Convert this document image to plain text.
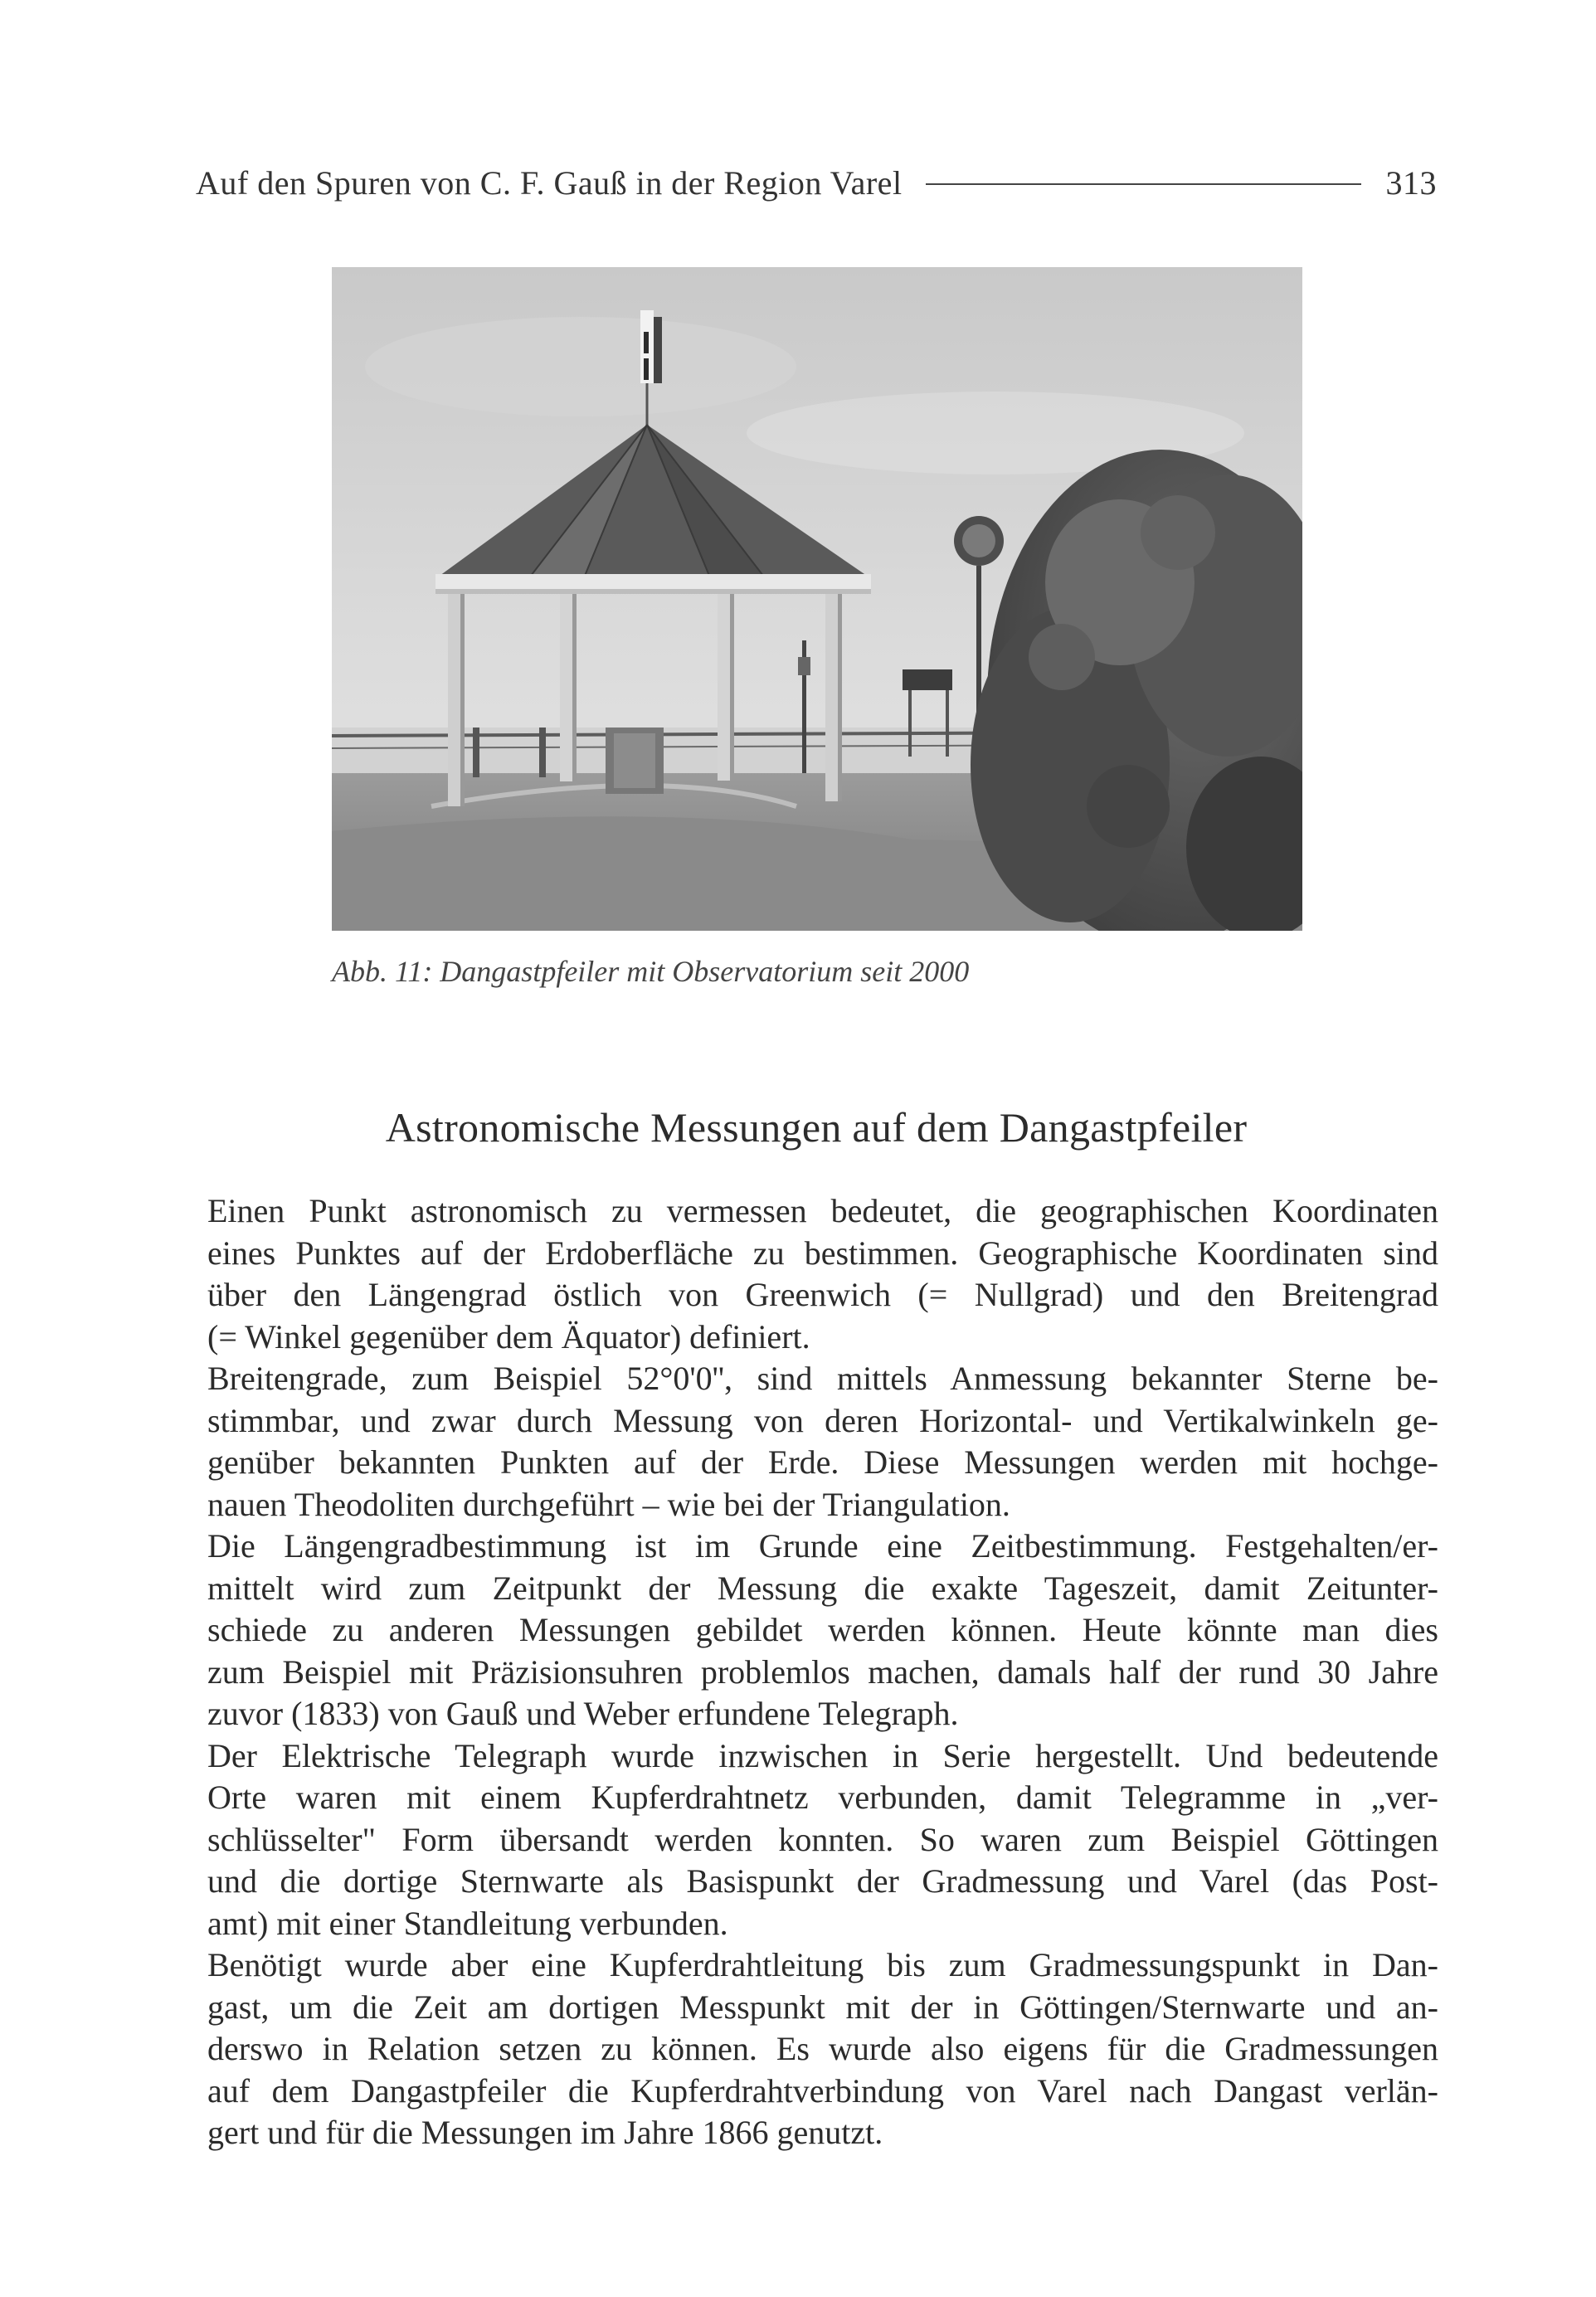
Auf den Spuren von C. F. Gauß in der Region Varel	313
Abb. 11: Dangastpfeiler mit Observatorium seit 2000
Astronomische Messungen auf dem Dangastpfeiler

Einen Punkt astronomisch zu vermessen bedeutet, die geographischen Koordinaten
eines Punktes auf der Erdoberfläche zu bestimmen. Geographische Koordinaten sind
über den Längengrad östlich von Greenwich (= Nullgrad) und den Breitengrad
(= Winkel gegenüber dem Äquator) definiert.

Breitengrade, zum Beispiel 52°0'0'', sind mittels Anmessung bekannter Sterne be-
stimmbar, und zwar durch Messung von deren Horizontal- und Vertikalwinkeln ge-
genüber bekannten Punkten auf der Erde. Diese Messungen werden mit hochge-
nauen Theodoliten durchgeführt – wie bei der Triangulation.

Die Längengradbestimmung ist im Grunde eine Zeitbestimmung. Festgehalten/er-
mittelt wird zum Zeitpunkt der Messung die exakte Tageszeit, damit Zeitunter-
schiede zu anderen Messungen gebildet werden können. Heute könnte man dies
zum Beispiel mit Präzisionsuhren problemlos machen, damals half der rund 30 Jahre
zuvor (1833) von Gauß und Weber erfundene Telegraph.

Der Elektrische Telegraph wurde inzwischen in Serie hergestellt. Und bedeutende
Orte waren mit einem Kupferdrahtnetz verbunden, damit Telegramme in „ver-
schlüsselter" Form übersandt werden konnten. So waren zum Beispiel Göttingen
und die dortige Sternwarte als Basispunkt der Gradmessung und Varel (das Post-
amt) mit einer Standleitung verbunden.

Benötigt wurde aber eine Kupferdrahtleitung bis zum Gradmessungspunkt in Dan-
gast, um die Zeit am dortigen Messpunkt mit der in Göttingen/Sternwarte und an-
derswo in Relation setzen zu können. Es wurde also eigens für die Gradmessungen
auf dem Dangastpfeiler die Kupferdrahtverbindung von Varel nach Dangast verlän-
gert und für die Messungen im Jahre 1866 genutzt.
